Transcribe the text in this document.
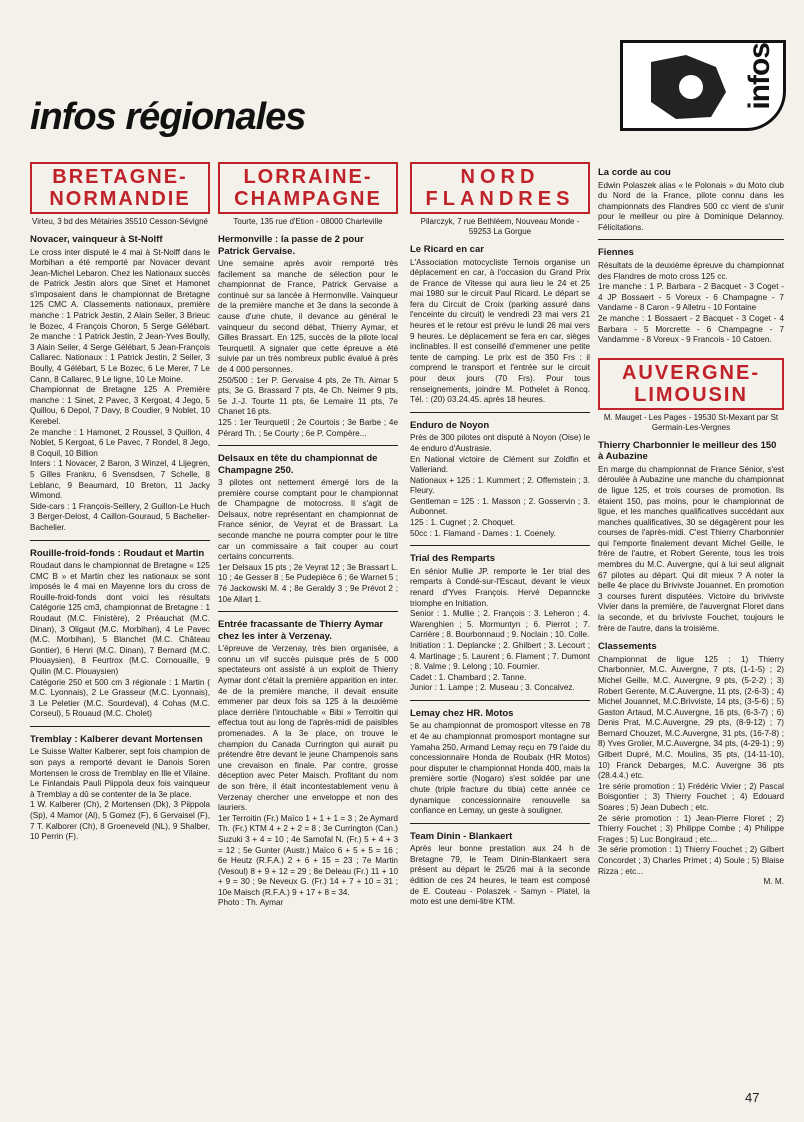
infos régionales
infos
BRETAGNE-NORMANDIE
Virteu, 3 bd des Métairies 35510 Cesson-Sévigné
Novacer, vainqueur à St-Nolff

Le cross inter disputé le 4 mai à St-Nolff dans le Morbihan a été remporté par Novacer devant Jean-Michel Lebaron. Chez les Nationaux succès de Patrick Jestin alors que Sinet et Hamonet s'imposaient dans le championnat de Bretagne 125 CMC A. Classements nationaux, première manche : 1 Patrick Jestin, 2 Alain Seiler, 3 Brieuc le Bozec, 4 François Choron, 5 Serge Gélébart. 2e manche : 1 Patrick Jestin, 2 Jean-Yves Boully, 3 Alain Seiler, 4 Serge Gélébart, 5 Jean-François Callarec. Nationaux : 1 Patrick Jestin, 2 Seiler, 3 Boully, 4 Gélébart, 5 Le Bozec, 6 Le Merer, 7 Le Cann, 8 Callarec, 9 Le ligne, 10 Le Moine.

Championnat de Bretagne 125 A Première manche : 1 Sinet, 2 Pavec, 3 Kergoat, 4 Jego, 5 Quillou, 6 Depol, 7 Davy, 8 Coudier, 9 Noblet, 10 Kerebel.

2e manche : 1 Hamonet, 2 Roussel, 3 Quillon, 4 Noblet, 5 Kergoat, 6 Le Pavec, 7 Rondel, 8 Jego, 8 Coquil, 10 Billion

Inters : 1 Novacer, 2 Baron, 3 Winzel, 4 Lijegren, 5 Gilles Frankru, 6 Svensdsen, 7 Schelle, 8 Leblanc, 9 Beaumard, 10 Breton, 11 Jacky Wimond.

Side-cars : 1 François-Seillery, 2 Guillon-Le Huch 3 Berger-Delost, 4 Caillon-Gouraud, 5 Bachelier-Bachelier.

Rouille-froid-fonds : Roudaut et Martin

Roudaut dans le championnat de Bretagne « 125 CMC B » et Martin chez les nationaux se sont imposés le 4 mai en Mayenne lors du cross de Rouille-froid-fonds dont voici les résultats Catégorie 125 cm3, championnat de Bretagne : 1 Roudaut (M.C. Finistère), 2 Préauchat (M.C. Dinan), 3 Oligaut (M.C. Morbihan), 4 Le Pavec (M.C. Morbihan), 5 Blanchet (M.C. Château Gontier), 6 Henri (M.C. Dinan), 7 Bernard (M.C. Plouaysien), 8 Feurtrox (M.C. Cornouaille, 9 Quilin (M.C. Plouaysien)

Catégorie 250 et 500 cm 3 régionale : 1 Martin ( M.C. Lyonnais), 2 Le Grasseur (M.C. Lyonnais), 3 Le Peletier (M.C. Sourdeval), 4 Cohas (M.C. Corseul), 5 Rouaud (M.C. Cholet)

Tremblay : Kalberer devant Mortensen

Le Suisse Walter Kalberer, sept fois champion de son pays a remporté devant le Danois Soren Mortensen le cross de Tremblay en Ille et Vilaine. Le Finlandais Pauli Piippola deux fois vainqueur à Tremblay a dû se contenter de la 3e place.

1 W. Kalberer (Ch), 2 Mortensen (Dk), 3 Piippola (Sp), 4 Mamor (Al), 5 Gomez (F), 6 Gervaisel (F), 7 T. Kalborer (Ch), 8 Groeneveld (NL), 9 Shalber, 10 Perrin (F).

LORRAINE-CHAMPAGNE
Tourte, 135 rue d'Etion - 08000 Charleville
Hermonville : la passe de 2 pour Patrick Gervaise.

Une semaine après avoir remporté très facilement sa manche de sélection pour le championnat de France, Patrick Gervaise a continué sur sa lancée à Hermonville. Vainqueur de la première manche et 3e dans la seconde à cause d'une chute, il devance au général le vainqueur du second débat, Thierry Aymar, et Gilles Brassart. En 125, succès de la pilote local Teurquetil. A signaler que cette épreuve a été suivie par un très nombreux public évalué à près de 4 000 personnes.

250/500 : 1er P. Gervaise 4 pts, 2e Th. Aimar 5 pts, 3e G. Brassard 7 pts, 4e Ch. Neimer 9 pts, 5e J.-J. Tourte 11 pts, 6e Lemaire 11 pts, 7e Chanet 16 pts.

125 : 1er Teurquetil ; 2e Courtois ; 3e Barbe ; 4e Pérard Th. ; 5e Courty ; 6e P. Compère...

Delsaux en tête du championnat de Champagne 250.

3 pilotes ont nettement émergé lors de la première course comptant pour le championnat de Champagne de motocross. Il s'agit de Delsaux, notre représentant en championnat de France sénior, de Veyrat et de Brassart. La seconde manche ne pourra compter pour le titre car un commissaire a fait couper au court certains concurrents.

1er Delsaux 15 pts ; 2e Veyrat 12 ; 3e Brassart L. 10 ; 4e Gesser 8 ; 5e Pudepièce 6 ; 6e Warnet 5 ; 7é Jackowski M. 4 ; 8e Geraldy 3 ; 9e Prévot 2 ; 10e Allart 1.

Entrée fracassante de Thierry Aymar chez les inter à Verzenay.

L'épreuve de Verzenay, très bien organisée, a connu un vif succès puisque près de 5 000 spectateurs ont assisté à un exploit de Thierry Aymar dont c'était la première apparition en inter. 4e de la première manche, il devait ensuite emmener par deux fois sa 125 à la deuxième place derrière l'intouchable « Bibi » Terroitin qui effectua tout au long de l'après-midi de paisibles promenades. A la 3e place, on trouve le champion du Canada Currington qui aurait pu prétendre être devant le jeune Champenois sans une crevaison en finale. Par contre, grosse déception avec Peter Maisch. Profitant du nom de son frère, il était incontestablement venu à Verzenay chercher une enveloppe et non des lauriers.

1er Terroitin (Fr.) Maïco 1 + 1 + 1 = 3 ; 2e Aymard Th. (Fr.) KTM 4 + 2 + 2 = 8 ; 3e Currington (Can.) Suzuki 3 + 4 = 10 ; 4e Samofal N. (Fr.) 5 + 4 + 3 = 12 ; 5e Gunter (Austr.) Maïco 6 + 5 + 5 = 16 ; 6e Heutz (R.F.A.) 2 + 6 + 15 = 23 ; 7e Martin (Vesoul) 8 + 9 + 12 = 29 ; 8e Deleau (Fr.) 11 + 10 + 9 = 30 ; 9e Neveux G. (Fr.) 14 + 7 + 10 = 31 ; 10e Maisch (R.F.A.) 9 + 17 + 8 = 34.

Photo : Th. Aymar

NORD FLANDRES
Pilarczyk, 7 rue Bethléem, Nouveau Monde - 59253 La Gorgue
Le Ricard en car

L'Association motocycliste Ternois organise un déplacement en car, à l'occasion du Grand Prix de France de Vitesse qui aura lieu le 24 et 25 mai 1980 sur le circuit Paul Ricard. Le départ se fera du Circuit de Croix (parking assuré dans l'enceinte du circuit) le vendredi 23 mai vers 21 heures et le retour est prévu le lundi 26 mai vers 9 heures. Le déplacement se fera en car, sièges inclinables. Il est conseillé d'emmener une petite tente de camping. Le prix est de 350 Frs : il comprend le transport et l'entrée sur le circuit pour deux jours (70 Frs). Pour tous renseignements, joindre M. Pothelet à Roncq. Tél. : (20) 03.24.45. après 18 heures.

Enduro de Noyon

Près de 300 pilotes ont disputé à Noyon (Oise) le 4e enduro d'Austrasie.

En National victoire de Clément sur Zoldfin et Valleriand.

Nationaux + 125 : 1. Kummert ; 2. Offemstein ; 3. Fleury.

Gentleman = 125 : 1. Masson ; 2. Gosservin ; 3. Aubonnet.

125 : 1. Cugnet ; 2. Choquet.

50cc : 1. Flamand - Dames : 1. Coenely.

Trial des Remparts

En sénior Mullie JP. remporte le 1er trial des remparts à Condé-sur-l'Escaut, devant le vieux renard d'Yves François. Hervé Depanncke triomphe en Initiation.

Senior : 1. Mullie ; 2. François : 3. Leheron ; 4. Warenghien ; 5. Mormuntyn ; 6. Pierrot ; 7. Carrière ; 8. Bourbonnaud ; 9. Noclain ; 10. Colle.

Initiation : 1. Deplancke ; 2. Ghilbert ; 3. Lecourt ; 4. Martinage ; 5. Laurent ; 6. Flament ; 7. Dumont ; 8. Valme ; 9. Lelong ; 10. Fournier.

Cadet : 1. Chambard ; 2. Tanne.

Junior : 1. Lampe ; 2. Museau ; 3. Concalvez.

Lemay chez HR. Motos

5e au championnat de promosport vitesse en 78 et 4e au championnat promosport montagne sur Yamaha 250, Armand Lemay reçu en 79 l'aide du concessionnaire Honda de Roubaix (HR Motos) pour disputer le championnat Honda 400, mais la première sortie (Nogaro) s'est soldée par une chute (triple fracture du tibia) cette année ce dynamique concessionnaire renouvelle sa confiance en Lemay, un geste à souligner.

Team Dinin - Blankaert

Après leur bonne prestation aux 24 h de Bretagne 79, le Team Dinin-Blankaert sera présent au départ le 25/26 mai à la seconde édition de ces 24 heures, le team est composé de E. Couteau - Polaszek - Samyn - Platel, la moto est une demi-litre KTM.

La corde au cou

Edwin Polaszek alias « le Polonais » du Moto club du Nord de la France, pilote connu dans les championnats des Flandres 500 cc vient de s'unir pour le meilleur ou pire à Dominique Delannoy. Félicitations.

Fiennes

Résultats de la deuxième épreuve du championnat des Flandres de moto cross 125 cc.

1re manche : 1 P. Barbara - 2 Bacquet - 3 Coget - 4 JP Bossaert - 5 Voreux - 6 Champagne - 7 Vandame - 8 Caron - 9 Alletru - 10 Fontaine

2e manche : 1 Bossaert - 2 Bacquet - 3 Coget - 4 Barbara - 5 Morcrette - 6 Champagne - 7 Vandamme - 8 Voreux - 9 Francois - 10 Catoen.

AUVERGNE-LIMOUSIN
M. Mauget - Les Pages - 19530 St-Mexant par St Germain-Les-Vergnes
Thierry Charbonnier le meilleur des 150 à Aubazine

En marge du championnat de France Sénior, s'est déroulée à Aubazine une manche du championnat de ligue 125, et trois courses de promotion. Ils étaient 150, pas moins, pour le championnat de ligue, et les manches qualificatives succédant aux manches qualificatives, 30 se dégagèrent pour les courses de l'après-midi. C'est Thierry Charbonnier qui l'emporte finalement devant Michel Geille, le frère de l'autre, et Robert Gerente, tous les trois membres du M.C. Auvergne, qui à lui seul alignait 67 pilotes au départ. Qui dit mieux ? A noter la belle 4e place du Brivivste Jouannet. En promotion 3 courses furent disputées. Victoire du brivivste Vivier dans la première, de l'auvergnat Floret dans la seconde, et du brivivste Fouchet, toujours le frère de l'autre, dans la troisième.

Classements

Championnat de ligue 125 : 1) Thierry Charbonnier, M.C. Auvergne, 7 pts, (1-1-5) ; 2) Michel Geille, M.C. Auvergne, 9 pts, (5-2-2) ; 3) Robert Gerente, M.C.Auvergne, 11 pts, (2-6-3) ; 4) Michel Jouannet, M.C.Brivviste, 14 pts, (3-5-6) ; 5) Gaston Artaud, M.C.Auvergne, 16 pts, (6-3-7) ; 6) Denis Prat, M.C.Auvergne, 29 pts, (8-9-12) ; 7) Bernard Chouzet, M.C.Auvergne, 31 pts, (16-7-8) ; 8) Yves Grolier, M.C.Auvergne, 34 pts, (4-29-1) ; 9) Gilbert Dupré, M.C. Moulins, 35 pts, (14-11-10), 10) Franck Debarges, M.C. Auvergne 36 pts (28.4.4.) etc.

1re série promotion : 1) Frédéric Vivier ; 2) Pascal Boisgontier ; 3) Thierry Fouchet ; 4) Edouard Soares ; 5) Jean Dubech ; etc.

2e série promotion : 1) Jean-Pierre Floret ; 2) Thierry Fouchet ; 3) Philippe Combe ; 4) Philippe Frages ; 5) Luc Bongiraud ; etc...

3e série promotion : 1) Thierry Fouchet ; 2) Gilbert Concordet ; 3) Charles Primet ; 4) Soule ; 5) Blaise Rizza ; etc...

M. M.

47
